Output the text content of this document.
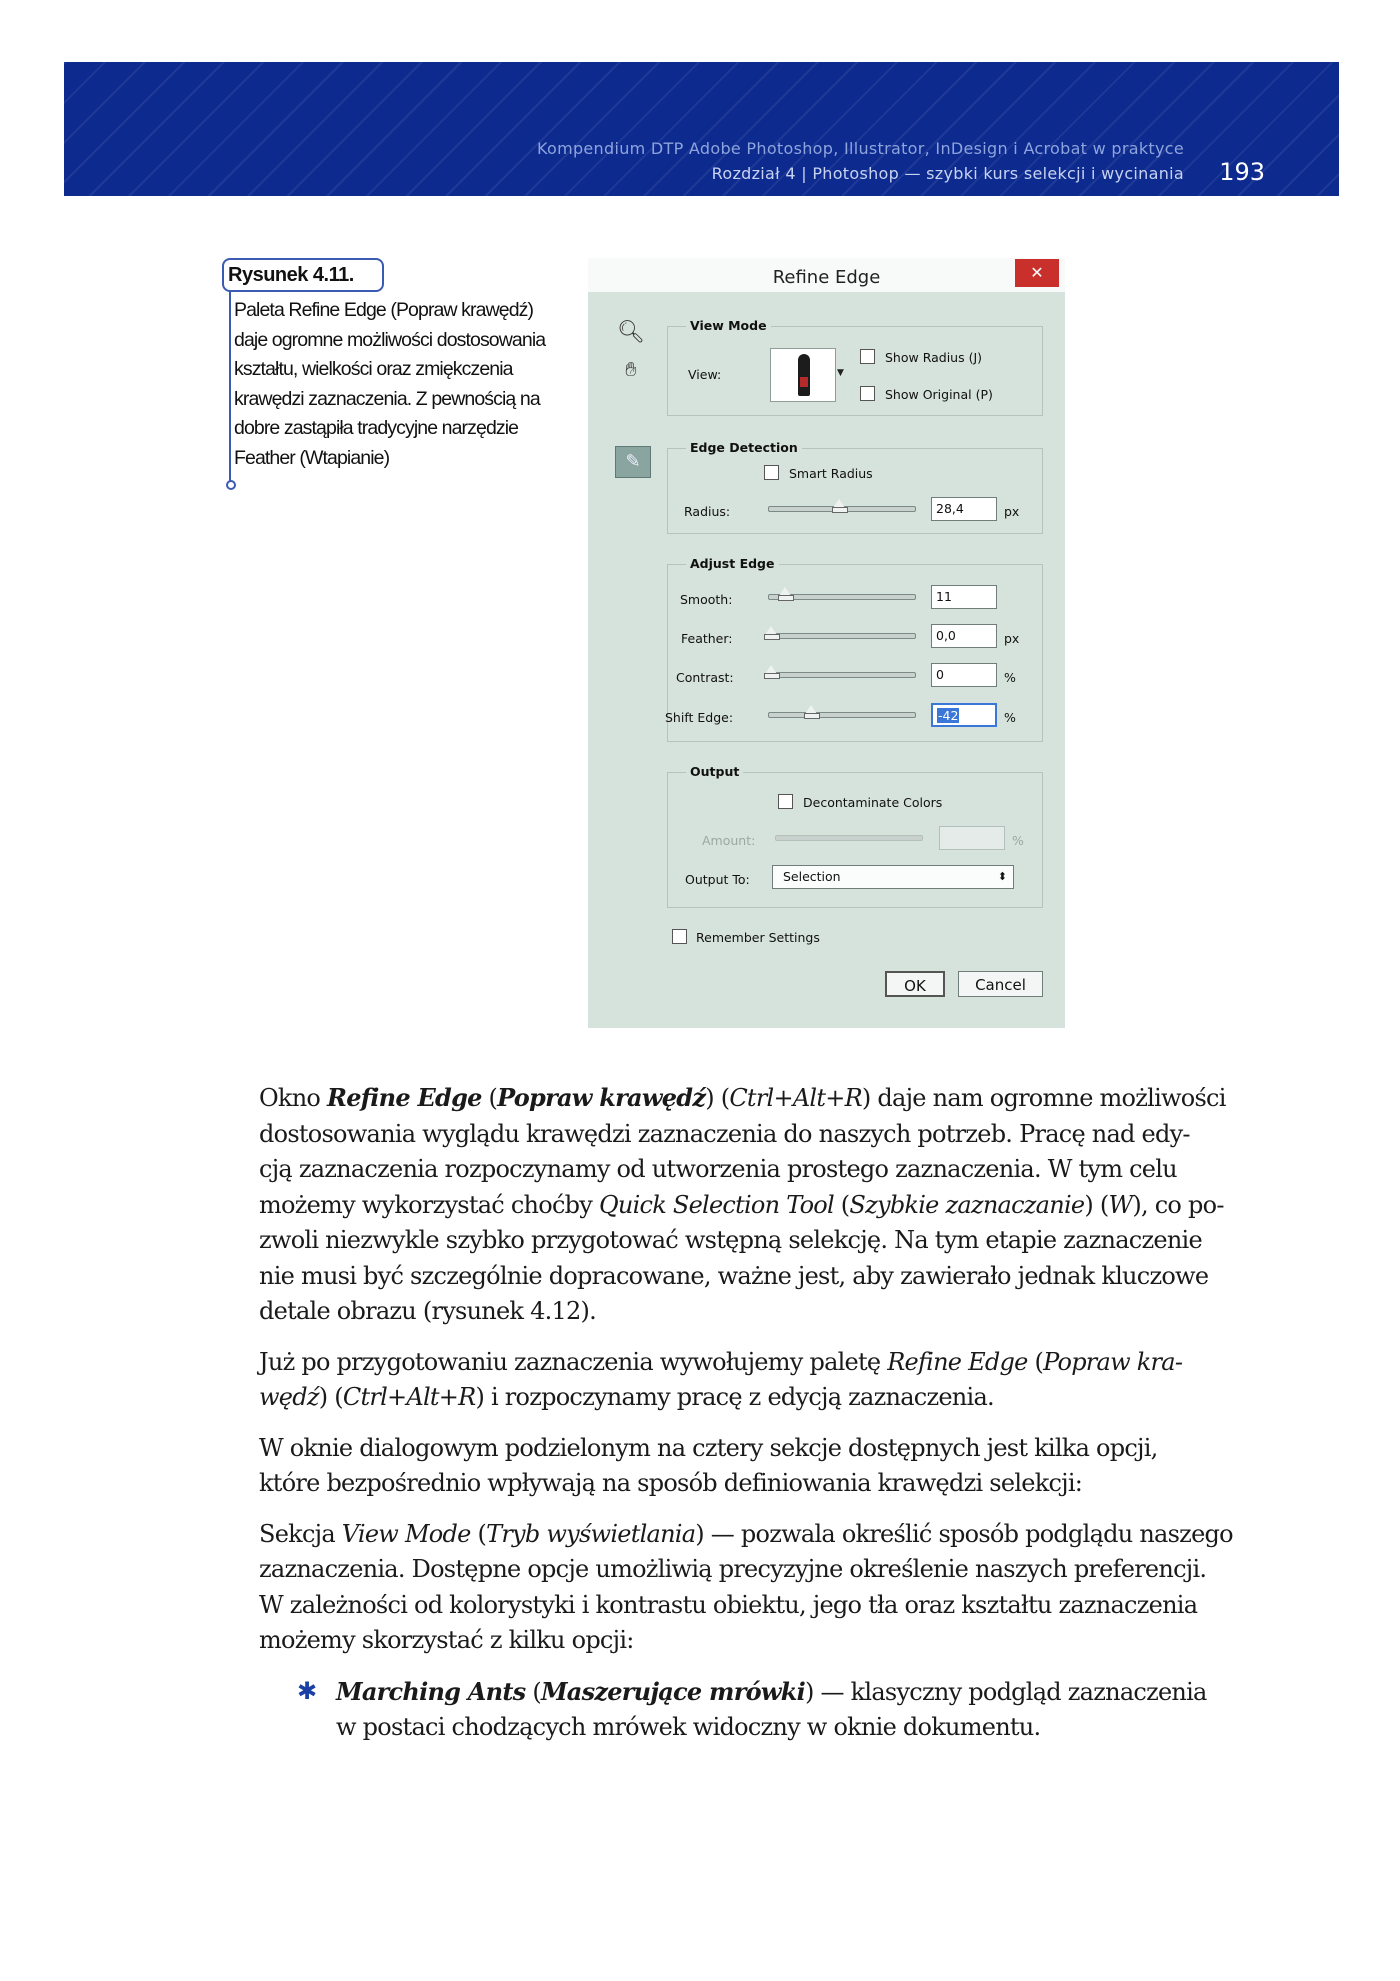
Kompendium DTP Adobe Photoshop, Illustrator, InDesign i Acrobat w praktyce
Rozdział 4 | Photoshop — szybki kurs selekcji i wycinania 193
Rysunek 4.11.
Paleta Refine Edge (Popraw krawędź)
daje ogromne możliwości dostosowania
kształtu, wielkości oraz zmiękczenia
krawędzi zaznaczenia. Z pewnością na
dobre zastąpiła tradycyjne narzędzie
Feather (Wtapianie)
Refine Edge	✕
🔍︎
✋︎
✎
View Mode
View:	▼
Show Radius (J)
Show Original (P)
Edge Detection
Smart Radius
Radius:	28,4	px
Adjust Edge
Smooth:	11
Feather:	0,0	px
Contrast:	0	%
Shift Edge:	-42	%
Output
Decontaminate Colors
Amount:	%
Output To:	Selection	⬍
Remember Settings
OK	Cancel

Okno Refine Edge (Popraw krawędź) (Ctrl+Alt+R) daje nam ogromne możliwości
dostosowania wyglądu krawędzi zaznaczenia do naszych potrzeb. Pracę nad edy-
cją zaznaczenia rozpoczynamy od utworzenia prostego zaznaczenia. W tym celu
możemy wykorzystać choćby Quick Selection Tool (Szybkie zaznaczanie) (W), co po-
zwoli niezwykle szybko przygotować wstępną selekcję. Na tym etapie zaznaczenie
nie musi być szczególnie dopracowane, ważne jest, aby zawierało jednak kluczowe
detale obrazu (rysunek 4.12).

Już po przygotowaniu zaznaczenia wywołujemy paletę Refine Edge (Popraw kra-
wędź) (Ctrl+Alt+R) i rozpoczynamy pracę z edycją zaznaczenia.

W oknie dialogowym podzielonym na cztery sekcje dostępnych jest kilka opcji,
które bezpośrednio wpływają na sposób definiowania krawędzi selekcji:

Sekcja View Mode (Tryb wyświetlania) — pozwala określić sposób podglądu naszego
zaznaczenia. Dostępne opcje umożliwią precyzyjne określenie naszych preferencji.
W zależności od kolorystyki i kontrastu obiektu, jego tła oraz kształtu zaznaczenia
możemy skorzystać z kilku opcji:

✱ Marching Ants (Maszerujące mrówki) — klasyczny podgląd zaznaczenia
w postaci chodzących mrówek widoczny w oknie dokumentu.
